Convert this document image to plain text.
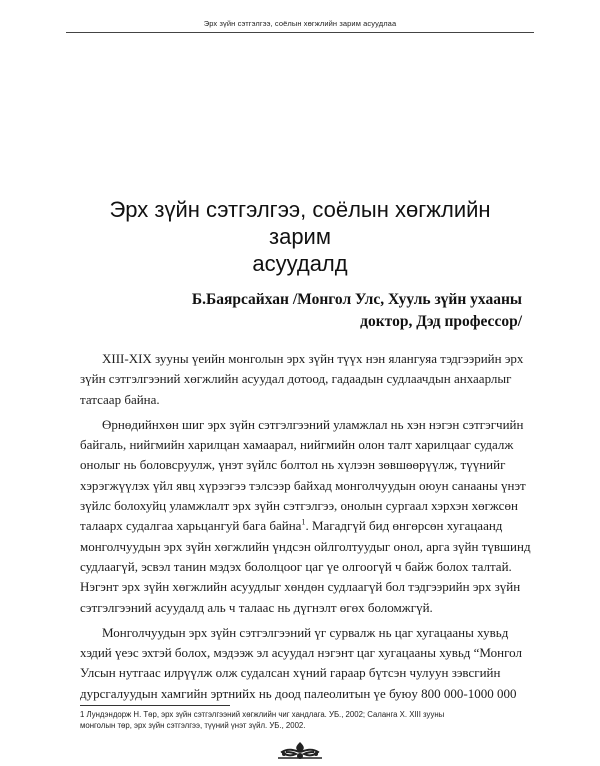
Эрх зүйн сэтгэлгээ, соёлын хөгжлийн зарим асуудлаа
Эрх зүйн сэтгэлгээ, соёлын хөгжлийн зарим
асуудалд
Б.Баярсайхан /Монгол Улс, Хууль зүйн ухааны
доктор, Дэд профессор/

XIII-XIX зууны үеийн монголын эрх зүйн түүх нэн ялангуяа тэдгээрийн эрх
зүйн сэтгэлгээний хөгжлийн асуудал дотоод, гадаадын судлаачдын анхаарлыг
татсаар байна.

Өрнөдийнхөн шиг эрх зүйн сэтгэлгээний уламжлал нь хэн нэгэн сэтгэгчийн
байгаль, нийгмийн харилцан хамаарал, нийгмийн олон талт харилцааг судалж
онолыг нь боловсруулж, үнэт зүйлс болтол нь хүлээн зөвшөөрүүлж, түүнийг
хэрэгжүүлэх үйл явц хүрээгээ тэлсээр байхад монголчуудын оюун санааны үнэт
зүйлс болохуйц уламжлалт эрх зүйн сэтгэлгээ, онолын сургаал хэрхэн хөгжсөн
талаарх судалгаа харьцангуй бага байна$^1$. Магадгүй бид өнгөрсөн хугацаанд
монголчуудын эрх зүйн хөгжлийн үндсэн ойлголтуудыг онол, арга зүйн түвшинд
судлаагүй, эсвэл танин мэдэх бололцоог цаг үе олгоогүй ч байж болох талтай.
Нэгэнт эрх зүйн хөгжлийн асуудлыг хөндөн судлаагүй бол тэдгээрийн эрх зүйн
сэтгэлгээний асуудалд аль ч талаас нь дүгнэлт өгөх боломжгүй.

Монголчуудын эрх зүйн сэтгэлгээний үг сурвалж нь цаг хугацааны хувьд
хэдий үеэс эхтэй болох, мэдээж эл асуудал нэгэнт цаг хугацааны хувьд “Монгол
Улсын нутгаас илрүүлж олж судалсан хүний гараар бүтсэн чулуун зэвсгийн
дурсгалуудын хамгийн эртнийх нь доод палеолитын үе буюу 800 000-1000 000

1 Лундэндорж Н. Төр, эрх зүйн сэтгэлгээний хөгжлийн чиг хандлага. УБ., 2002; Саланга Х. XIII зууны
монголын төр, эрх зүйн сэтгэлгээ, түүний үнэт зүйл. УБ., 2002.
